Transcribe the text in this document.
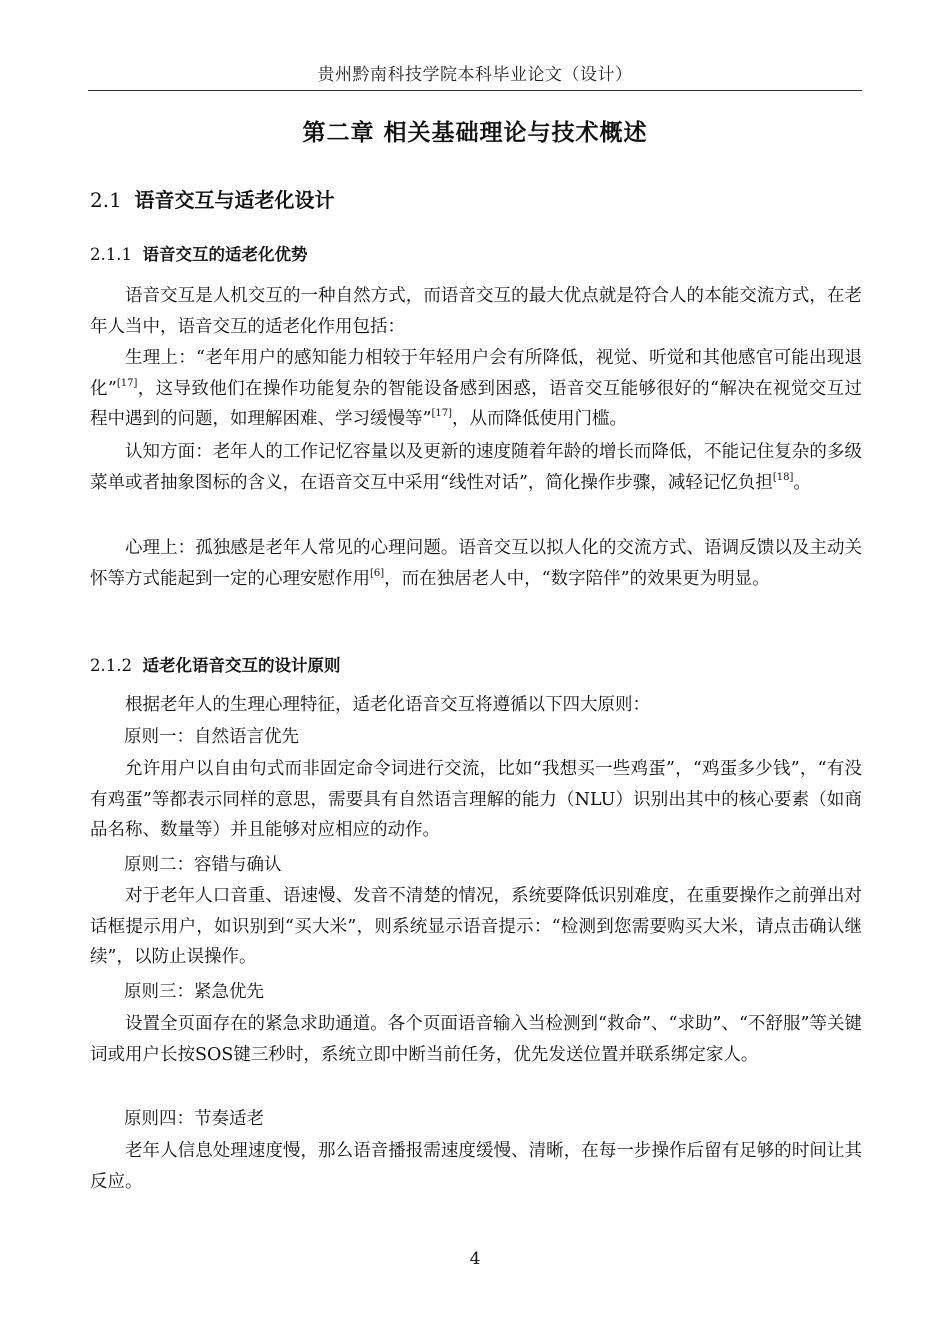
贵州黔南科技学院本科毕业论文（设计）
第二章 相关基础理论与技术概述
2.1 语音交互与适老化设计
2.1.1 语音交互的适老化优势

语音交互是人机交互的一种自然方式，而语音交互的最大优点就是符合人的本能交流方式，在老年人当中，语音交互的适老化作用包括：

生理上：“老年用户的感知能力相较于年轻用户会有所降低，视觉、听觉和其他感官可能出现退化”[17]，这导致他们在操作功能复杂的智能设备感到困惑，语音交互能够很好的“解决在视觉交互过程中遇到的问题，如理解困难、学习缓慢等”[17]，从而降低使用门槛。

认知方面：老年人的工作记忆容量以及更新的速度随着年龄的增长而降低，不能记住复杂的多级菜单或者抽象图标的含义，在语音交互中采用“线性对话”，简化操作步骤，减轻记忆负担[18]。

心理上：孤独感是老年人常见的心理问题。语音交互以拟人化的交流方式、语调反馈以及主动关怀等方式能起到一定的心理安慰作用[6]，而在独居老人中，“数字陪伴”的效果更为明显。

2.1.2 适老化语音交互的设计原则

根据老年人的生理心理特征，适老化语音交互将遵循以下四大原则：

原则一：自然语言优先

允许用户以自由句式而非固定命令词进行交流，比如“我想买一些鸡蛋”，“鸡蛋多少钱”，“有没有鸡蛋”等都表示同样的意思，需要具有自然语言理解的能力（NLU）识别出其中的核心要素（如商品名称、数量等）并且能够对应相应的动作。

原则二：容错与确认

对于老年人口音重、语速慢、发音不清楚的情况，系统要降低识别难度，在重要操作之前弹出对话框提示用户，如识别到“买大米”，则系统显示语音提示：“检测到您需要购买大米，请点击确认继续”，以防止误操作。

原则三：紧急优先

设置全页面存在的紧急求助通道。各个页面语音输入当检测到“救命”、“求助”、“不舒服”等关键词或用户长按SOS键三秒时，系统立即中断当前任务，优先发送位置并联系绑定家人。

原则四：节奏适老

老年人信息处理速度慢，那么语音播报需速度缓慢、清晰，在每一步操作后留有足够的时间让其反应。

4
